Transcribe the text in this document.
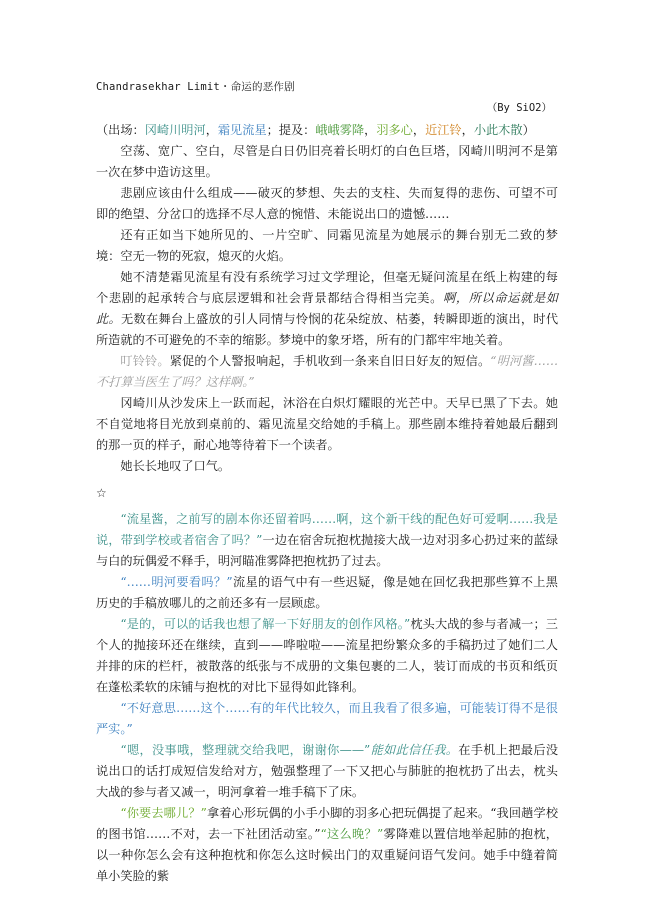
Chandrasekhar Limit・命运的恶作剧
（By SiO2）

（出场：冈崎川明河，霜见流星；提及：峨峨雾降，羽多心，近江铃，小此木散）

空荡、宽广、空白，尽管是白日仍旧亮着长明灯的白色巨塔，冈崎川明河不是第一次在梦中造访这里。

悲剧应该由什么组成——破灭的梦想、失去的支柱、失而复得的悲伤、可望不可即的绝望、分岔口的选择不尽人意的惋惜、未能说出口的遗憾……

还有正如当下她所见的、一片空旷、同霜见流星为她展示的舞台别无二致的梦境：空无一物的死寂，熄灭的火焰。

她不清楚霜见流星有没有系统学习过文学理论，但毫无疑问流星在纸上构建的每个悲剧的起承转合与底层逻辑和社会背景都结合得相当完美。啊，所以命运就是如此。无数在舞台上盛放的引人同情与怜悯的花朵绽放、枯萎，转瞬即逝的演出，时代所造就的不可避免的不幸的缩影。梦境中的象牙塔，所有的门都牢牢地关着。

叮铃铃。紧促的个人警报响起，手机收到一条来自旧日好友的短信。“明河酱……不打算当医生了吗？这样啊。”

冈崎川从沙发床上一跃而起，沐浴在白炽灯耀眼的光芒中。天早已黑了下去。她不自觉地将目光放到桌前的、霜见流星交给她的手稿上。那些剧本维持着她最后翻到的那一页的样子，耐心地等待着下一个读者。

她长长地叹了口气。

☆

“流星酱，之前写的剧本你还留着吗……啊，这个新干线的配色好可爱啊……我是说，带到学校或者宿舍了吗？”一边在宿舍玩抱枕抛接大战一边对羽多心扔过来的蓝绿与白的玩偶爱不释手，明河瞄准雾降把抱枕扔了过去。

“……明河要看吗？”流星的语气中有一些迟疑，像是她在回忆我把那些算不上黑历史的手稿放哪儿的之前还多有一层顾虑。

“是的，可以的话我也想了解一下好朋友的创作风格。”枕头大战的参与者减一；三个人的抛接环还在继续，直到——哗啦啦——流星把纷繁众多的手稿扔过了她们二人并排的床的栏杆，被散落的纸张与不成册的文集包裹的二人，装订而成的书页和纸页在蓬松柔软的床铺与抱枕的对比下显得如此锋利。

“不好意思……这个……有的年代比较久，而且我看了很多遍，可能装订得不是很严实。”

“嗯，没事哦，整理就交给我吧，谢谢你——”能如此信任我。在手机上把最后没说出口的话打成短信发给对方，勉强整理了一下又把心与肺脏的抱枕扔了出去，枕头大战的参与者又减一，明河拿着一堆手稿下了床。

“你要去哪儿？”拿着心形玩偶的小手小脚的羽多心把玩偶提了起来。“我回趟学校的图书馆……不对，去一下社团活动室。”“这么晚？”雾降难以置信地举起肺的抱枕，以一种你怎么会有这种抱枕和你怎么这时候出门的双重疑问语气发问。她手中缝着简单小笑脸的紫
